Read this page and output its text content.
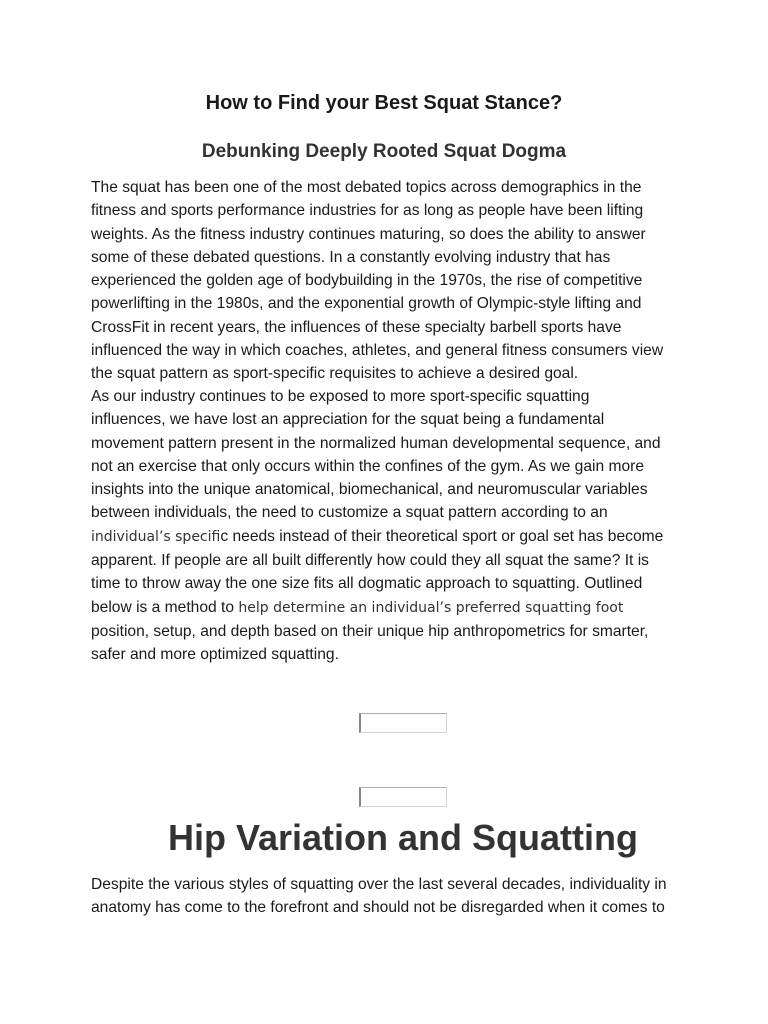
How to Find your Best Squat Stance?
Debunking Deeply Rooted Squat Dogma

The squat has been one of the most debated topics across demographics in the
fitness and sports performance industries for as long as people have been lifting
weights. As the fitness industry continues maturing, so does the ability to answer
some of these debated questions. In a constantly evolving industry that has
experienced the golden age of bodybuilding in the 1970s, the rise of competitive
powerlifting in the 1980s, and the exponential growth of Olympic-style lifting and
CrossFit in recent years, the influences of these specialty barbell sports have
influenced the way in which coaches, athletes, and general fitness consumers view
the squat pattern as sport-specific requisites to achieve a desired goal.

As our industry continues to be exposed to more sport-specific squatting
influences, we have lost an appreciation for the squat being a fundamental
movement pattern present in the normalized human developmental sequence, and
not an exercise that only occurs within the confines of the gym. As we gain more
insights into the unique anatomical, biomechanical, and neuromuscular variables
between individuals, the need to customize a squat pattern according to an
individual’s specific needs instead of their theoretical sport or goal set has become
apparent. If people are all built differently how could they all squat the same? It is
time to throw away the one size fits all dogmatic approach to squatting. Outlined
below is a method to help determine an individual’s preferred squatting foot
position, setup, and depth based on their unique hip anthropometrics for smarter,
safer and more optimized squatting.

Hip Variation and Squatting

Despite the various styles of squatting over the last several decades, individuality in
anatomy has come to the forefront and should not be disregarded when it comes to
